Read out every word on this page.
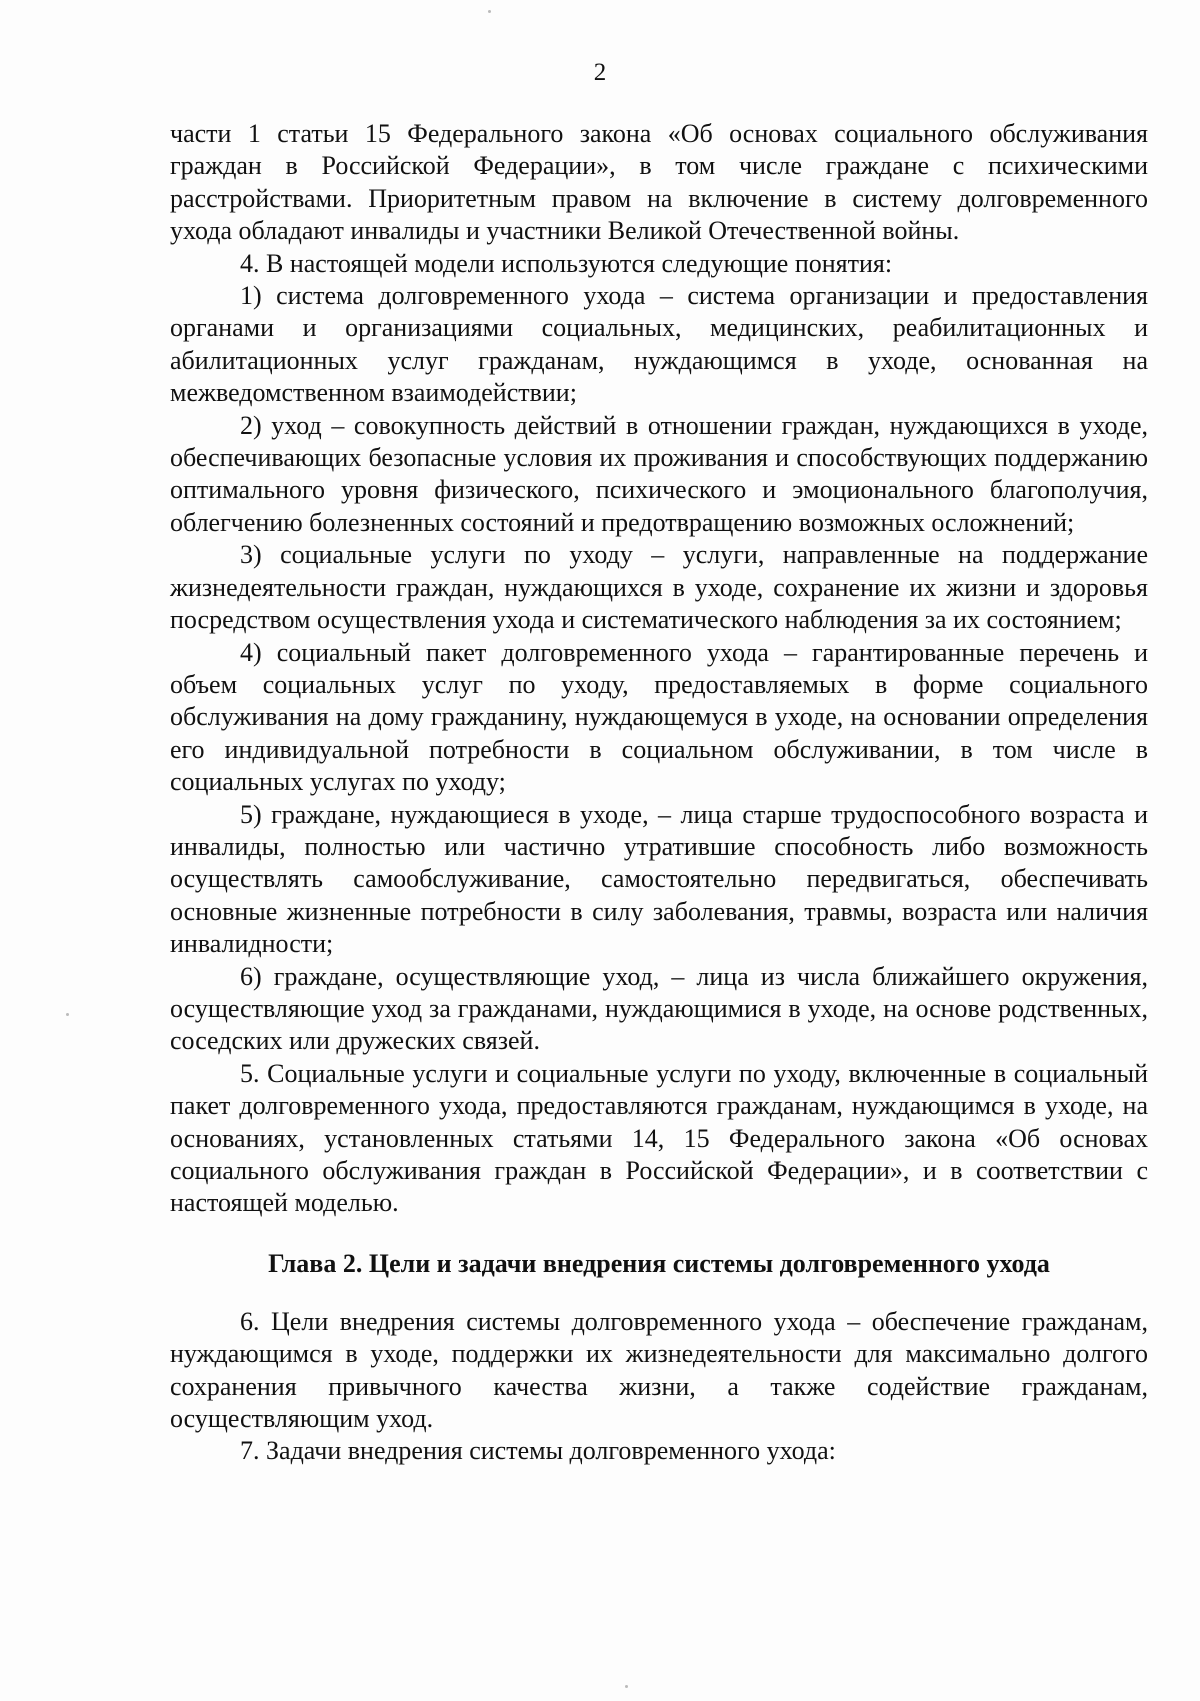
2

части 1 статьи 15 Федерального закона «Об основах социального обслуживания граждан в Российской Федерации», в том числе граждане с психическими расстройствами. Приоритетным правом на включение в систему долговременного ухода обладают инвалиды и участники Великой Отечественной войны.

4. В настоящей модели используются следующие понятия:

1) система долговременного ухода – система организации и предоставления органами и организациями социальных, медицинских, реабилитационных и абилитационных услуг гражданам, нуждающимся в уходе, основанная на межведомственном взаимодействии;

2) уход – совокупность действий в отношении граждан, нуждающихся в уходе, обеспечивающих безопасные условия их проживания и способствующих поддержанию оптимального уровня физического, психического и эмоционального благополучия, облегчению болезненных состояний и предотвращению возможных осложнений;

3) социальные услуги по уходу – услуги, направленные на поддержание жизнедеятельности граждан, нуждающихся в уходе, сохранение их жизни и здоровья посредством осуществления ухода и систематического наблюдения за их состоянием;

4) социальный пакет долговременного ухода – гарантированные перечень и объем социальных услуг по уходу, предоставляемых в форме социального обслуживания на дому гражданину, нуждающемуся в уходе, на основании определения его индивидуальной потребности в социальном обслуживании, в том числе в социальных услугах по уходу;

5) граждане, нуждающиеся в уходе, – лица старше трудоспособного возраста и инвалиды, полностью или частично утратившие способность либо возможность осуществлять самообслуживание, самостоятельно передвигаться, обеспечивать основные жизненные потребности в силу заболевания, травмы, возраста или наличия инвалидности;

6) граждане, осуществляющие уход, – лица из числа ближайшего окружения, осуществляющие уход за гражданами, нуждающимися в уходе, на основе родственных, соседских или дружеских связей.

5. Социальные услуги и социальные услуги по уходу, включенные в социальный пакет долговременного ухода, предоставляются гражданам, нуждающимся в уходе, на основаниях, установленных статьями 14, 15 Федерального закона «Об основах социального обслуживания граждан в Российской Федерации», и в соответствии с настоящей моделью.

Глава 2. Цели и задачи внедрения системы долговременного ухода

6. Цели внедрения системы долговременного ухода – обеспечение гражданам, нуждающимся в уходе, поддержки их жизнедеятельности для максимально долгого сохранения привычного качества жизни, а также содействие гражданам, осуществляющим уход.

7. Задачи внедрения системы долговременного ухода:
